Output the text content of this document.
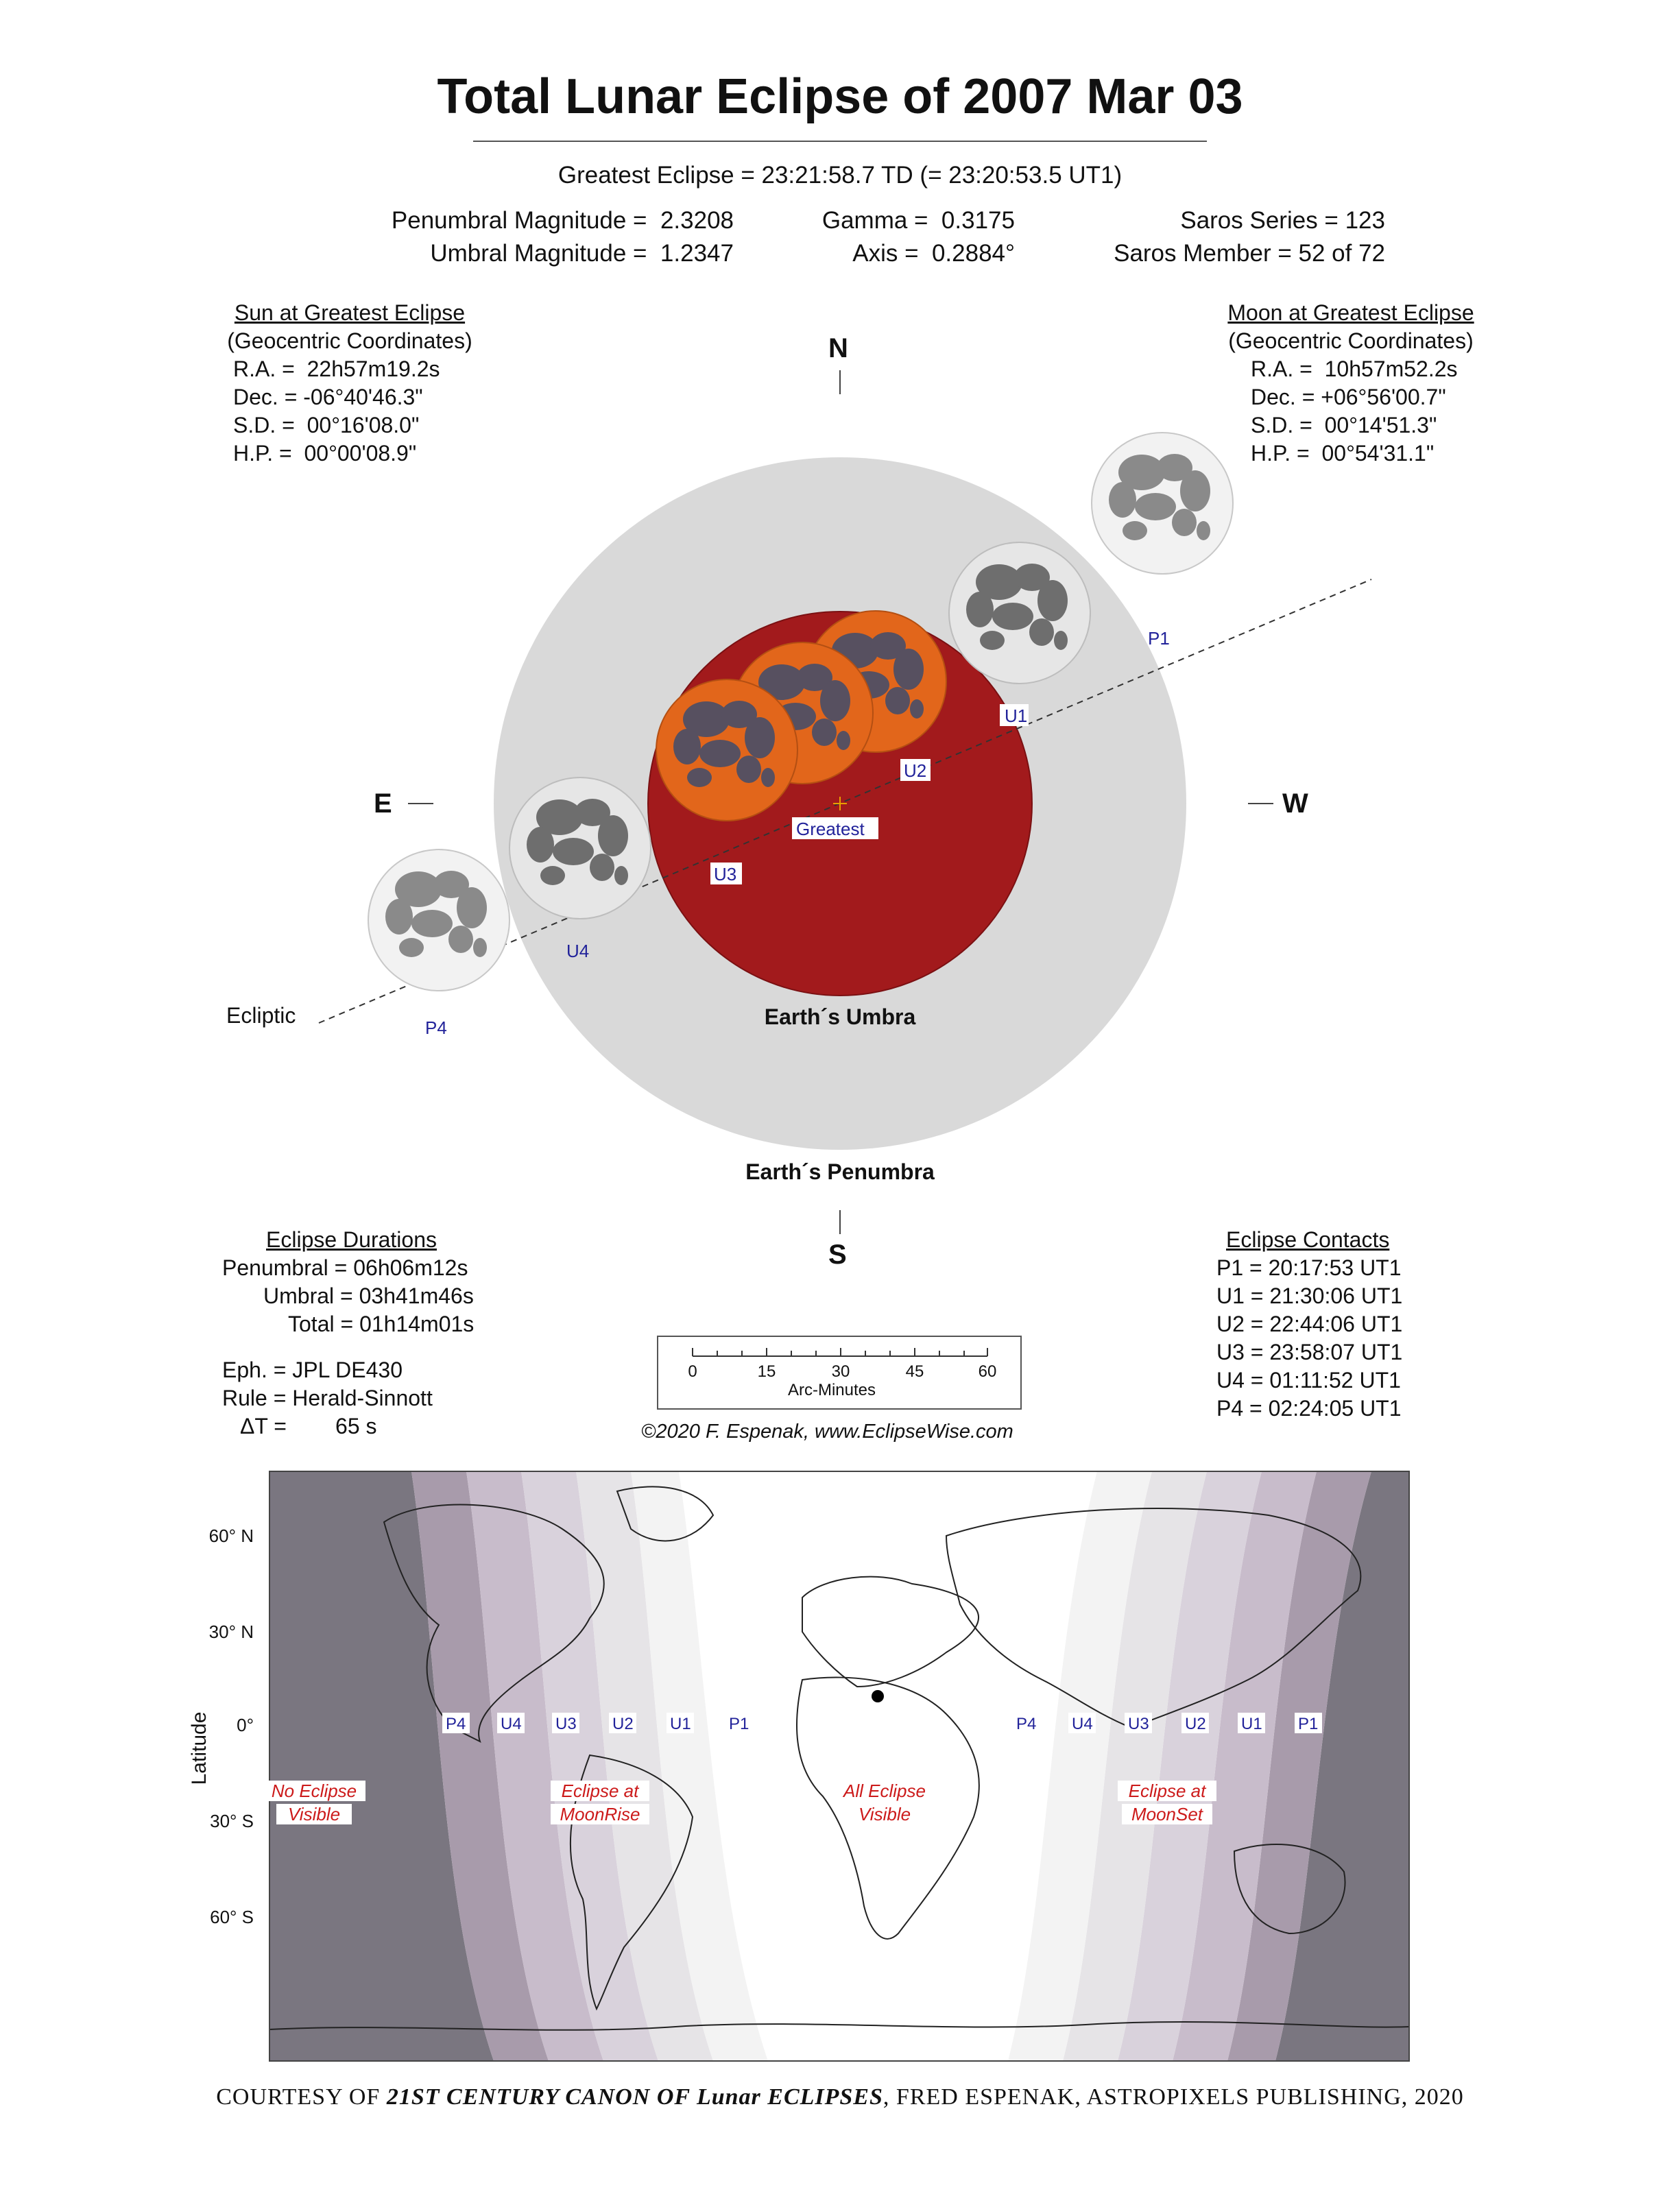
Total Lunar Eclipse of 2007 Mar 03
Greatest Eclipse = 23:21:58.7 TD (= 23:20:53.5 UT1)
Penumbral Magnitude =  2.3208
Umbral Magnitude =  1.2347
Gamma =  0.3175
Axis =  0.2884°
Saros Series = 123
Saros Member = 52 of 72
Sun at Greatest Eclipse
(Geocentric Coordinates)
R.A. =  22h57m19.2s
Dec. = -06°40'46.3"
S.D. =  00°16'08.0"
H.P. =  00°00'08.9"
Moon at Greatest Eclipse
(Geocentric Coordinates)
R.A. =  10h57m52.2s
Dec. = +06°56'00.7"
S.D. =  00°14'51.3"
H.P. =  00°54'31.1"
N
S
E	W
U1
U2
Greatest
U3
P1
U4
P4
Ecliptic	Earth´s Umbra
Earth´s Penumbra
Eclipse Durations
Penumbral = 06h06m12s
Umbral = 03h41m46s
Total = 01h14m01s
Eph. = JPL DE430
Rule = Herald-Sinnott
ΔT =        65 s
0	15	30	45	60
Arc-Minutes
©2020 F. Espenak, www.EclipseWise.com
Eclipse Contacts
P1 = 20:17:53 UT1
U1 = 21:30:06 UT1
U2 = 22:44:06 UT1
U3 = 23:58:07 UT1
U4 = 01:11:52 UT1
P4 = 02:24:05 UT1
60° N
30° N
0°
30° S
60° S
Latitude	P4 U4 U3 U2 U1 P1	P4 U4 U3 U2 U1 P1
No Eclipse
Visible
Eclipse at
MoonRise
All Eclipse
Visible
Eclipse at
MoonSet
COURTESY OF 21ST CENTURY CANON OF Lunar ECLIPSES, FRED ESPENAK, ASTROPIXELS PUBLISHING, 2020
